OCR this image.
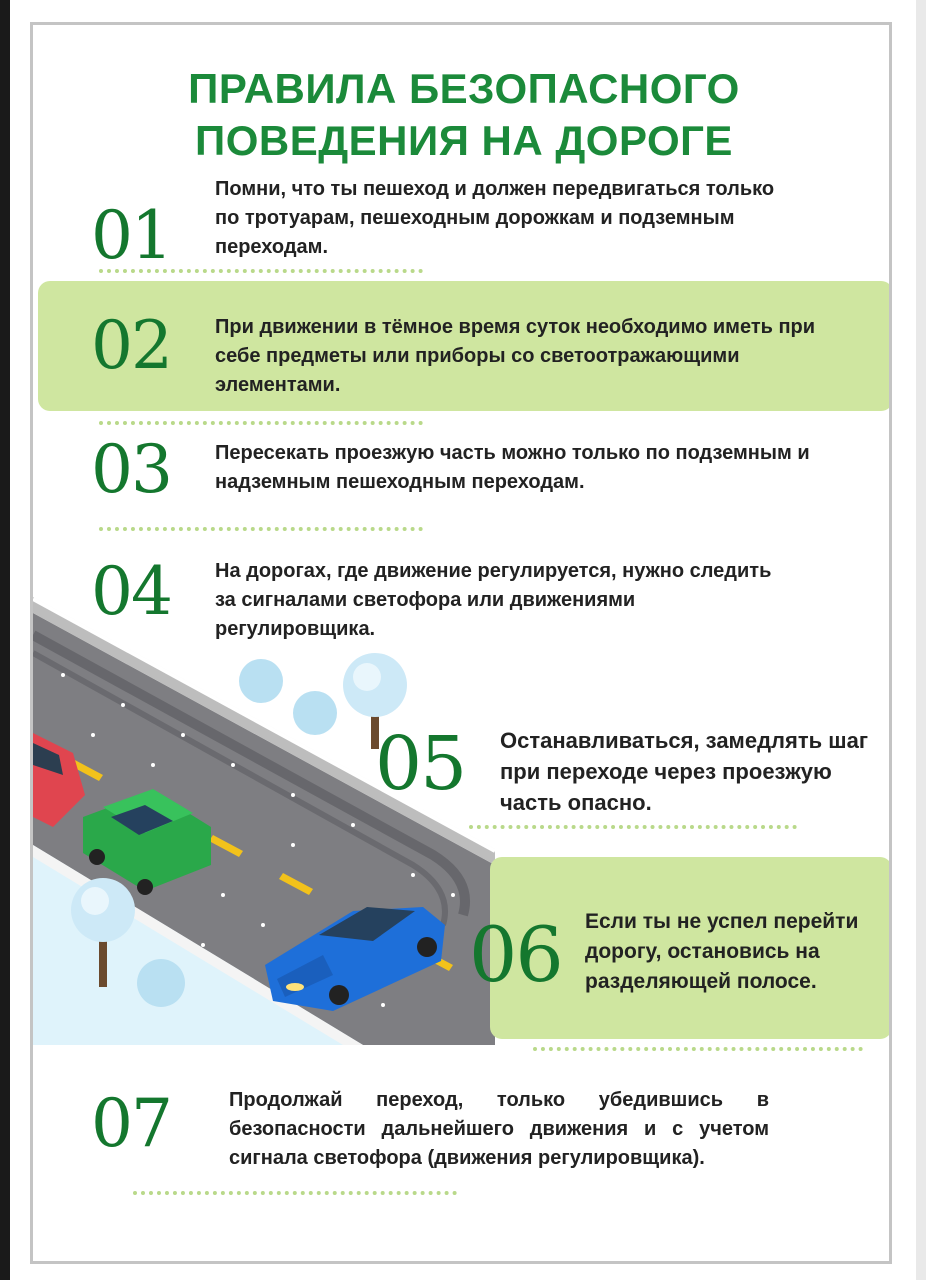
ПРАВИЛА БЕЗОПАСНОГО
ПОВЕДЕНИЯ НА ДОРОГЕ
01

Помни, что ты пешеход и должен передвигаться только по тротуарам, пешеходным дорожкам и подземным переходам.

02 При движении в тёмное время суток необходимо иметь при себе предметы или приборы со светоотражающими элементами.

03 Пересекать проезжую часть можно только по подземным и надземным пешеходным переходам.

04 На дорогах, где движение регулируется, нужно следить за сигналами светофора или движениями регулировщика.

05 Останавливаться, замедлять шаг при переходе через проезжую часть опасно.

06 Если ты не успел перейти дорогу, остановись на разделяющей полосе.

07	Продолжай переход, только убедившись в безопасности дальнейшего движения и с учетом сигнала светофора (движения регулировщика).
